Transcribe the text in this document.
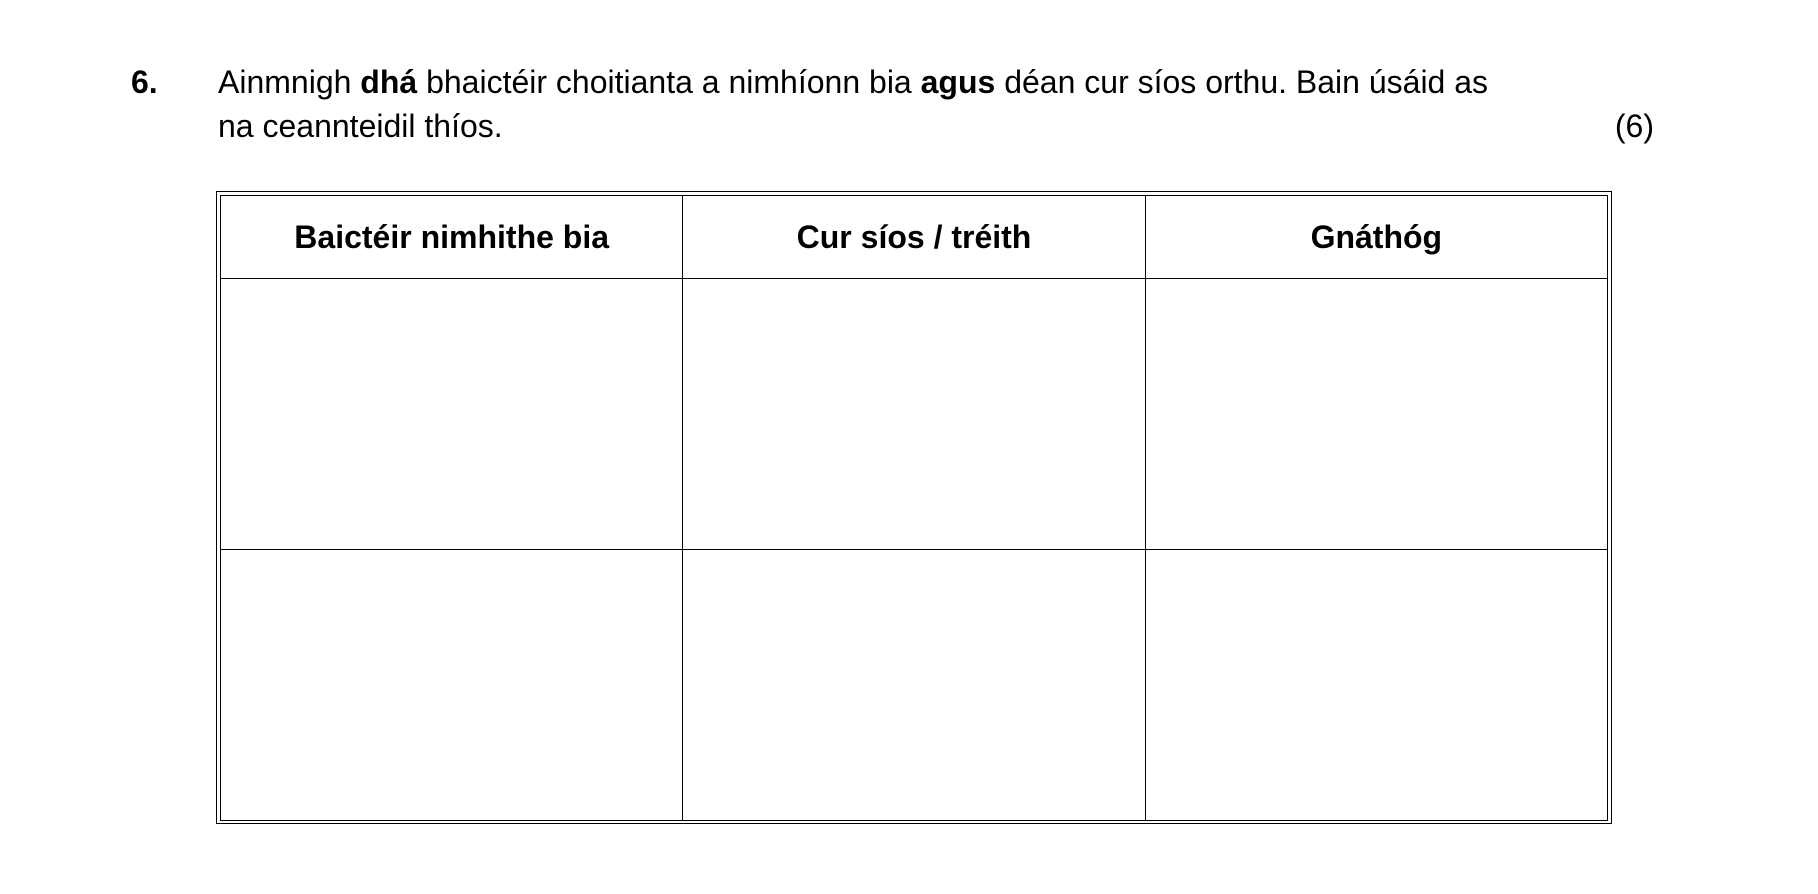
6. Ainmnigh dhá bhaictéir choitianta a nimhíonn bia agus déan cur síos orthu. Bain úsáid as
na ceannteidil thíos.	(6)
Baictéir nimhithe bia	Cur síos / tréith	Gnáthóg
